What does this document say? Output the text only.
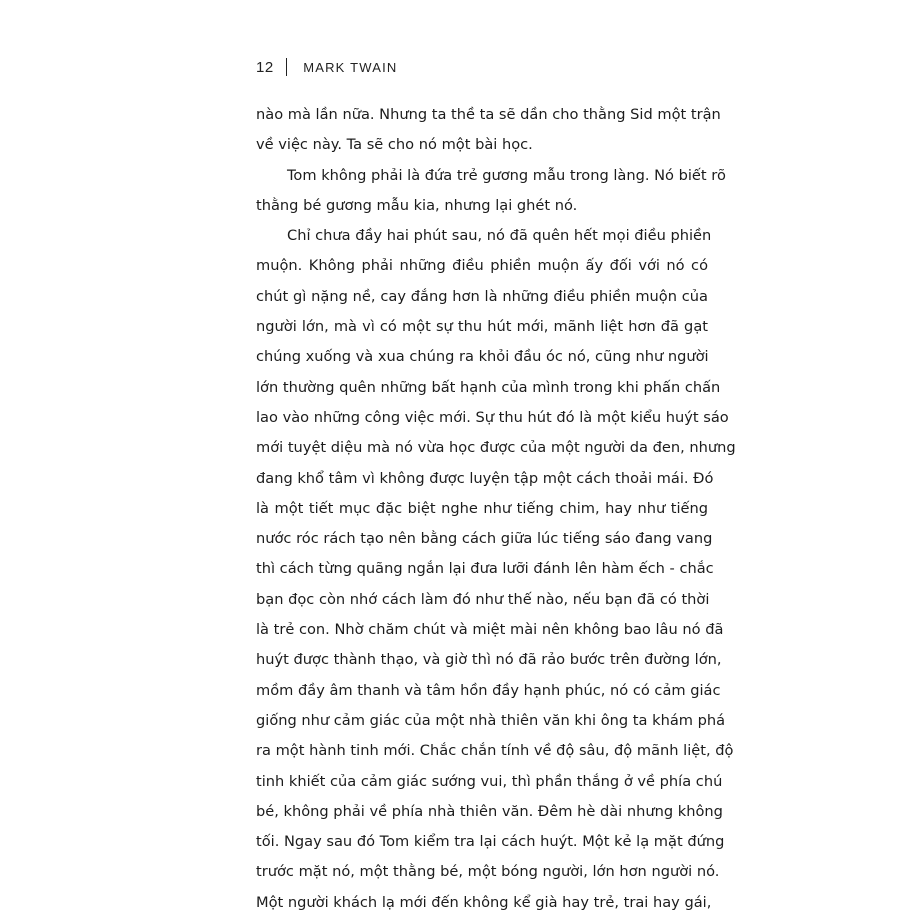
12 MARK TWAIN

nào mà lần nữa. Nhưng ta thề ta sẽ dần cho thằng Sid một trận
về việc này. Ta sẽ cho nó một bài học.

Tom không phải là đứa trẻ gương mẫu trong làng. Nó biết rõ
thằng bé gương mẫu kia, nhưng lại ghét nó.

Chỉ chưa đầy hai phút sau, nó đã quên hết mọi điều phiền
muộn. Không phải những điều phiền muộn ấy đối với nó có
chút gì nặng nề, cay đắng hơn là những điều phiền muộn của
người lớn, mà vì có một sự thu hút mới, mãnh liệt hơn đã gạt
chúng xuống và xua chúng ra khỏi đầu óc nó, cũng như người
lớn thường quên những bất hạnh của mình trong khi phấn chấn
lao vào những công việc mới. Sự thu hút đó là một kiểu huýt sáo
mới tuyệt diệu mà nó vừa học được của một người da đen, nhưng
đang khổ tâm vì không được luyện tập một cách thoải mái. Đó
là một tiết mục đặc biệt nghe như tiếng chim, hay như tiếng
nước róc rách tạo nên bằng cách giữa lúc tiếng sáo đang vang
thì cách từng quãng ngắn lại đưa lưỡi đánh lên hàm ếch - chắc
bạn đọc còn nhớ cách làm đó như thế nào, nếu bạn đã có thời
là trẻ con. Nhờ chăm chút và miệt mài nên không bao lâu nó đã
huýt được thành thạo, và giờ thì nó đã rảo bước trên đường lớn,
mồm đầy âm thanh và tâm hồn đầy hạnh phúc, nó có cảm giác
giống như cảm giác của một nhà thiên văn khi ông ta khám phá
ra một hành tinh mới. Chắc chắn tính về độ sâu, độ mãnh liệt, độ
tinh khiết của cảm giác sướng vui, thì phần thắng ở về phía chú
bé, không phải về phía nhà thiên văn. Đêm hè dài nhưng không
tối. Ngay sau đó Tom kiểm tra lại cách huýt. Một kẻ lạ mặt đứng
trước mặt nó, một thằng bé, một bóng người, lớn hơn người nó.
Một người khách lạ mới đến không kể già hay trẻ, trai hay gái,
